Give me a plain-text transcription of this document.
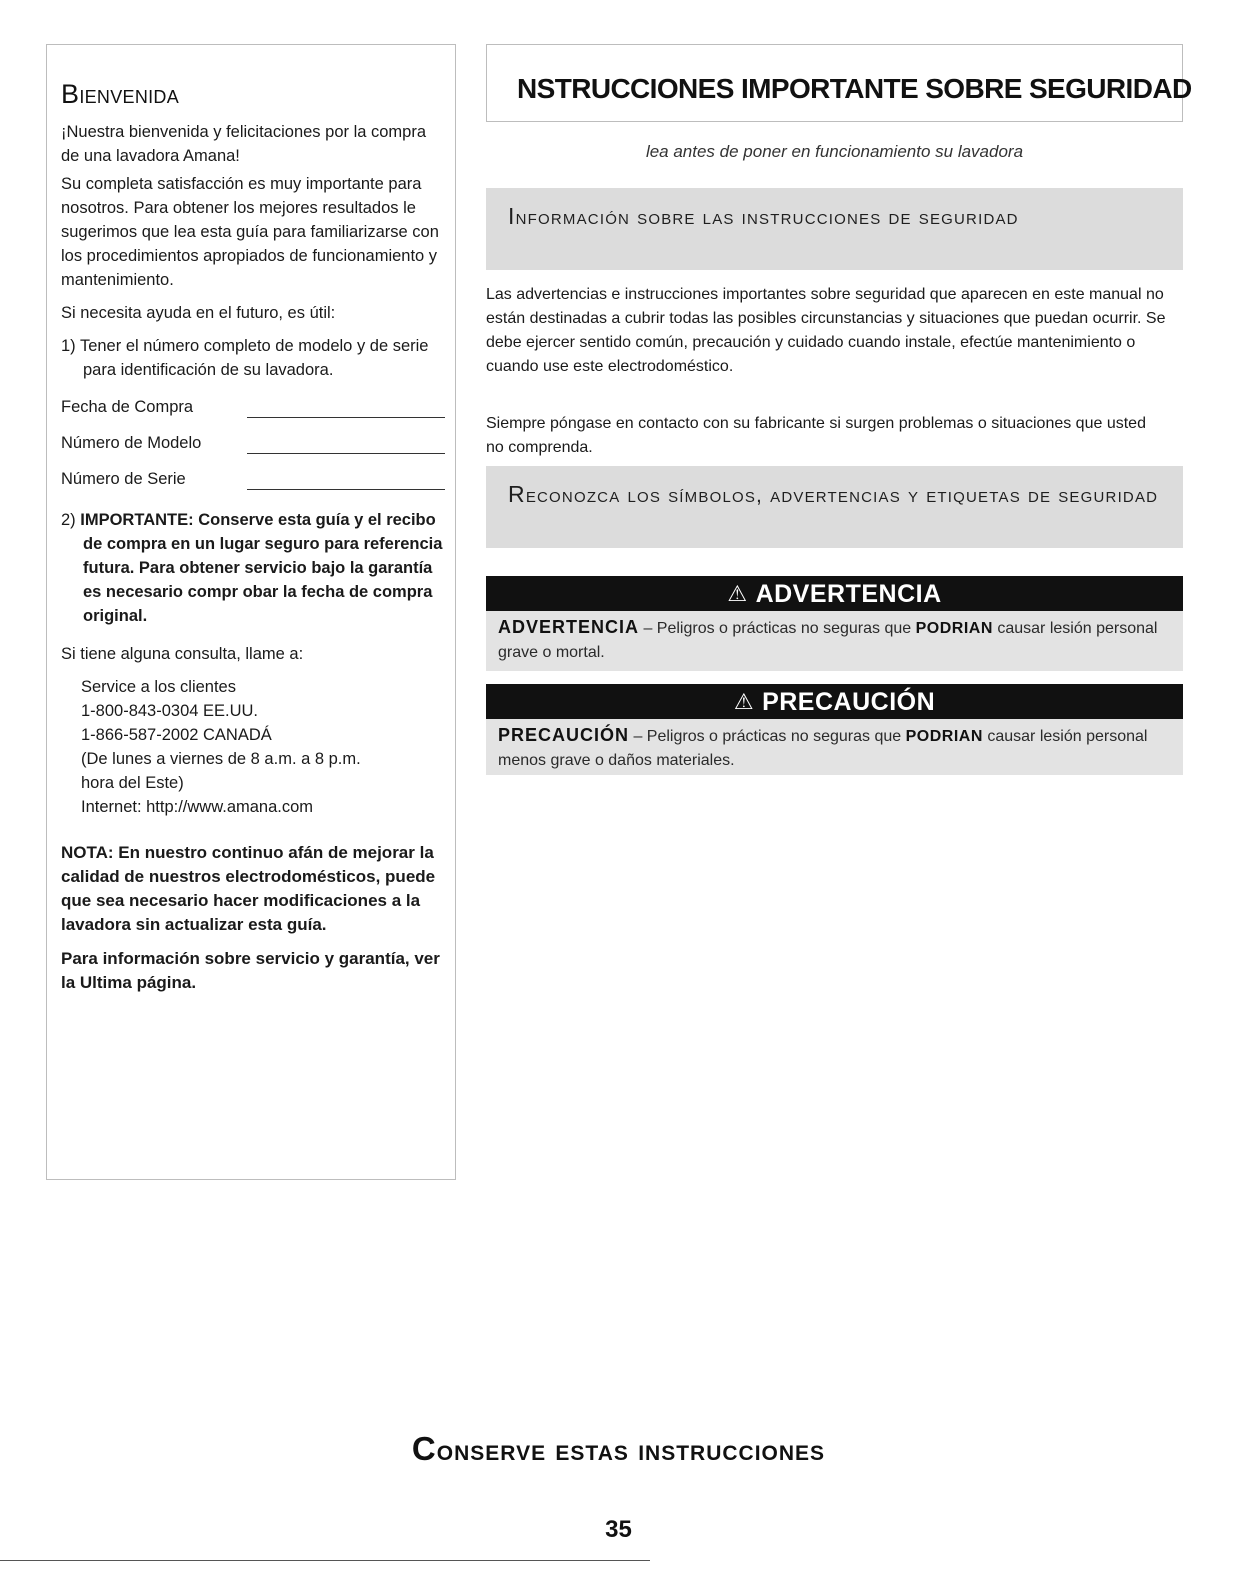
Bienvenida

¡Nuestra bienvenida y felicitaciones por la compra de una lavadora Amana!

Su completa satisfacción es muy importante para nosotros. Para obtener los mejores resultados le sugerimos que lea esta guía para familiarizarse con los procedimientos apropiados de funcionamiento y mantenimiento.

Si necesita ayuda en el futuro, es útil:

1) Tener el número completo de modelo y de serie para identificación de su lavadora.

Fecha de Compra
Número de Modelo
Número de Serie
2) IMPORTANTE: Conserve esta guía y el recibo de compra en un lugar seguro para referencia futura. Para obtener servicio bajo la garantía es necesario compr obar la fecha de compra original.

Si tiene alguna consulta, llame a:

Service a los clientes
1-800-843-0304 EE.UU.
1-866-587-2002 CANADÁ
(De lunes a viernes de 8 a.m. a 8 p.m.
hora del Este)
Internet: http://www.amana.com
NOTA: En nuestro continuo afán de mejorar la calidad de nuestros electrodomésticos, puede que sea necesario hacer modificaciones a la lavadora sin actualizar esta guía.
Para información sobre servicio y garantía, ver la Ultima página.
NSTRUCCIONES IMPORTANTE SOBRE SEGURIDAD
lea antes de poner en funcionamiento su lavadora
Información sobre las instrucciones de seguridad
Las advertencias e instrucciones importantes sobre seguridad que aparecen en este manual no están destinadas a cubrir todas las posibles circunstancias y situaciones que puedan ocurrir. Se debe ejercer sentido común, precaución y cuidado cuando instale, efectúe mantenimiento o cuando use este electrodoméstico.
Siempre póngase en contacto con su fabricante si surgen problemas o situaciones que usted no comprenda.
Reconozca los símbolos, advertencias y etiquetas de seguridad
⚠ ADVERTENCIA
ADVERTENCIA – Peligros o prácticas no seguras que PODRIAN causar lesión personal grave o mortal.
⚠ PRECAUCIÓN
PRECAUCIÓN – Peligros o prácticas no seguras que PODRIAN causar lesión personal menos grave o daños materiales.
Conserve estas instrucciones
35
